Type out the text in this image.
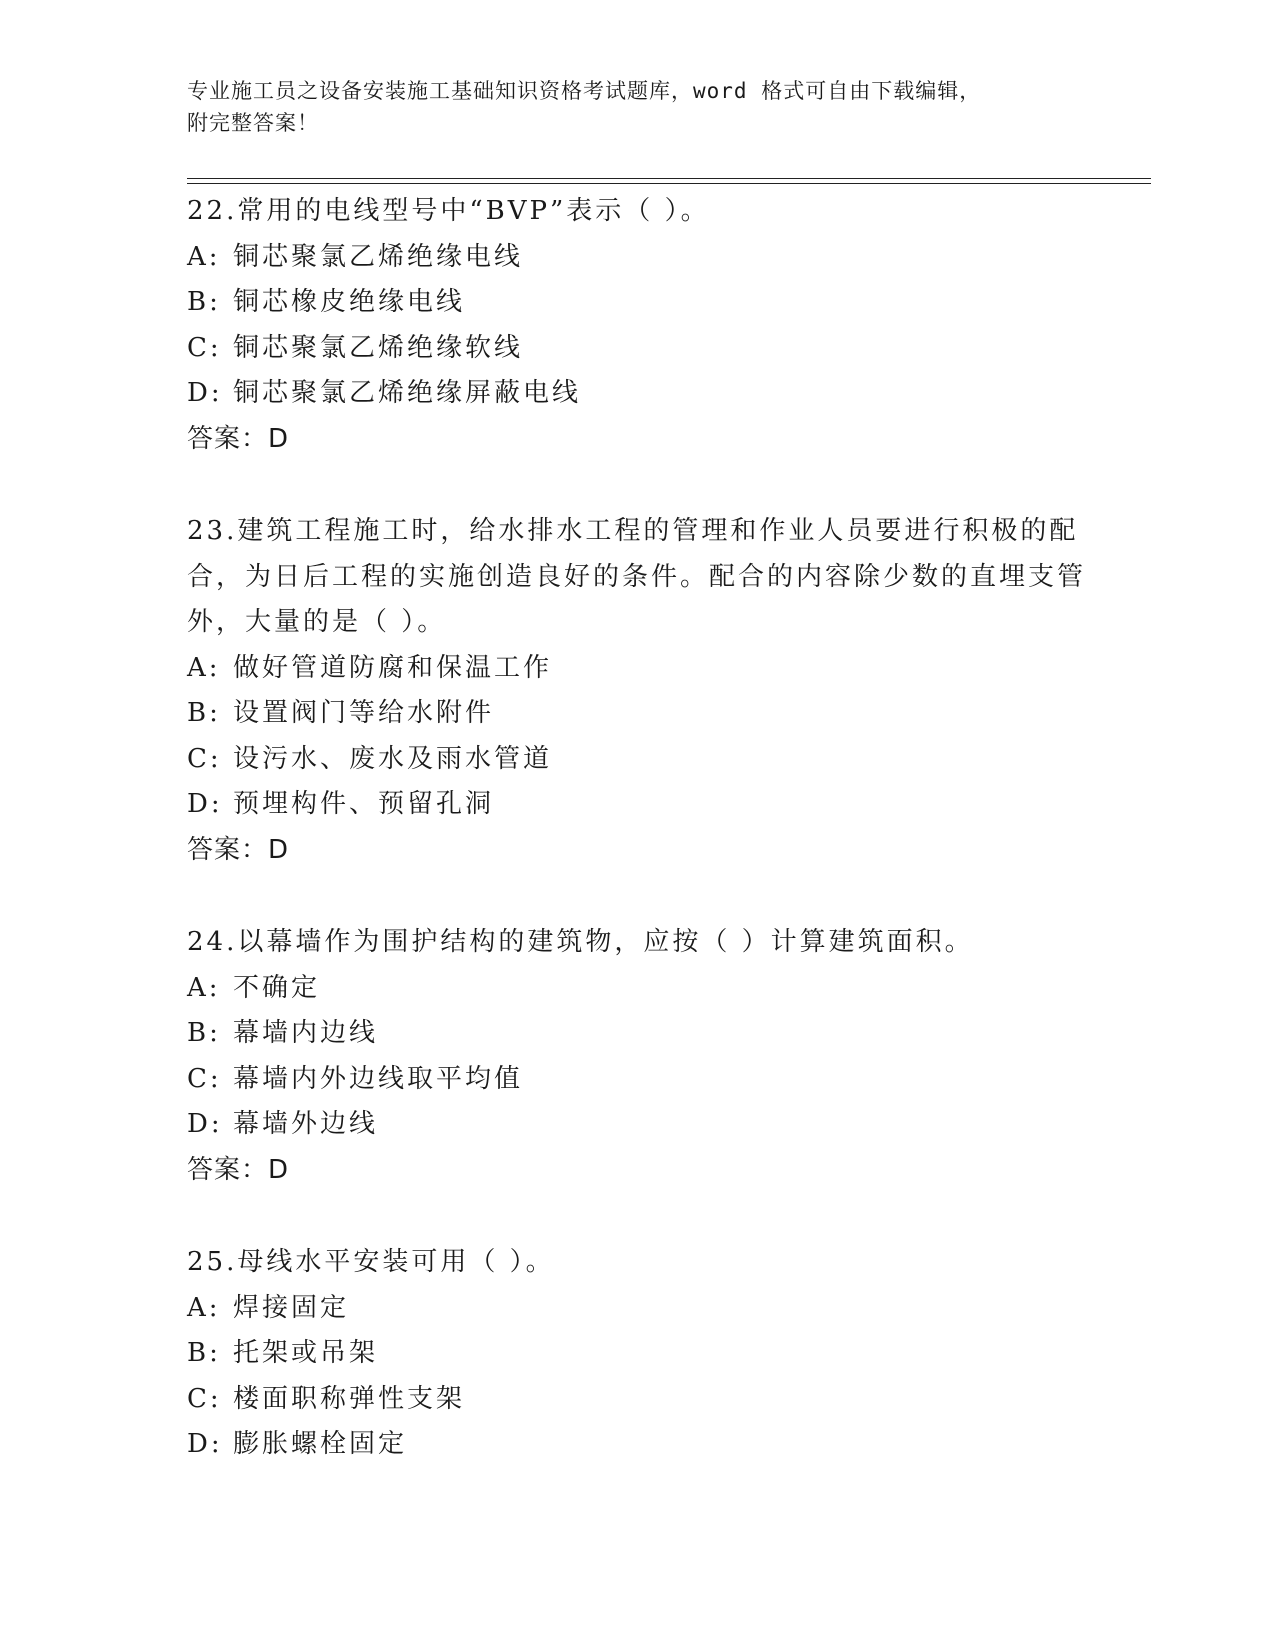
专业施工员之设备安装施工基础知识资格考试题库，word 格式可自由下载编辑，
附完整答案！
22.常用的电线型号中“BVP”表示（ ）。
A: 铜芯聚氯乙烯绝缘电线
B: 铜芯橡皮绝缘电线
C: 铜芯聚氯乙烯绝缘软线
D: 铜芯聚氯乙烯绝缘屏蔽电线
答案：D
23.建筑工程施工时，给水排水工程的管理和作业人员要进行积极的配合，为日后工程的实施创造良好的条件。配合的内容除少数的直埋支管外，大量的是（ ）。
A: 做好管道防腐和保温工作
B: 设置阀门等给水附件
C: 设污水、废水及雨水管道
D: 预埋构件、预留孔洞
答案：D
24.以幕墙作为围护结构的建筑物，应按（ ）计算建筑面积。
A: 不确定
B: 幕墙内边线
C: 幕墙内外边线取平均值
D: 幕墙外边线
答案：D
25.母线水平安装可用（ ）。
A: 焊接固定
B: 托架或吊架
C: 楼面职称弹性支架
D: 膨胀螺栓固定
